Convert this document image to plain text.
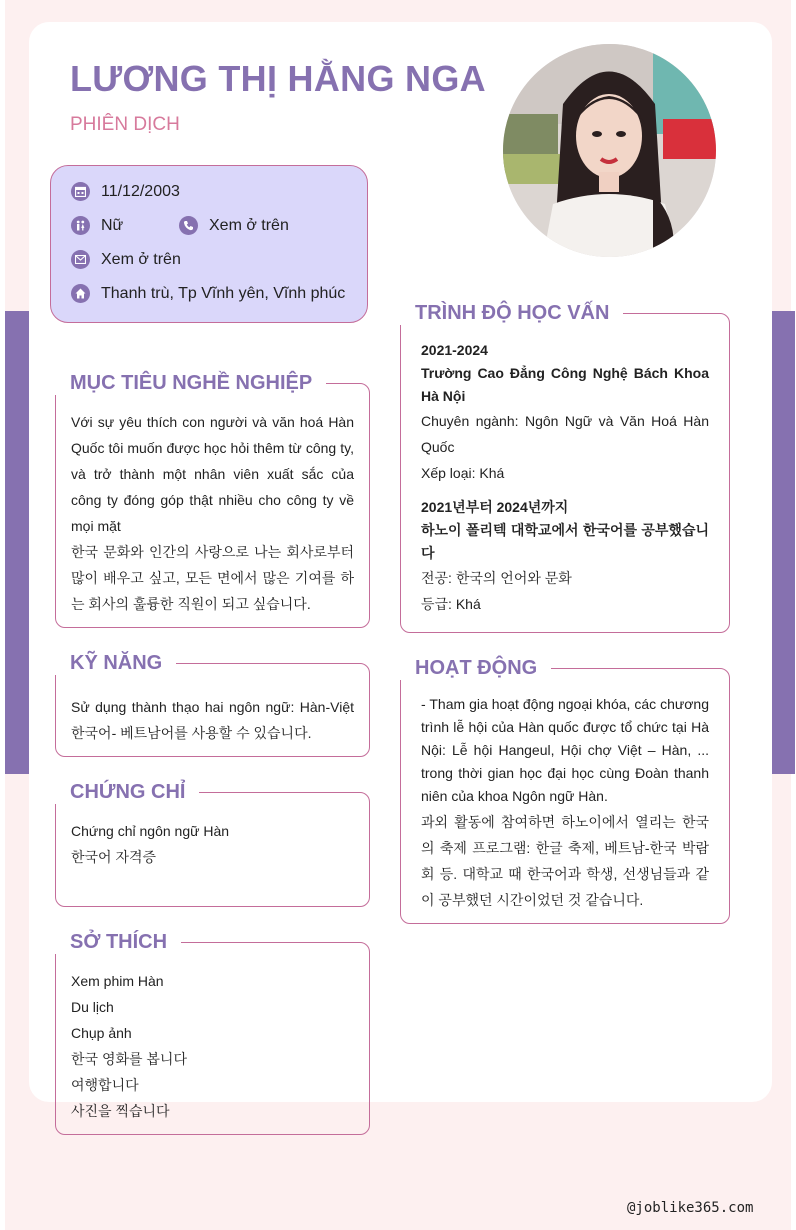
LƯƠNG THỊ HẰNG NGA
PHIÊN DỊCH
11/12/2003
Nữ	Xem ở trên
Xem ở trên
Thanh trù, Tp Vĩnh yên, Vĩnh phúc
MỤC TIÊU NGHỀ NGHIỆP

Với sự yêu thích con người và văn hoá Hàn Quốc tôi muốn được học hỏi thêm từ công ty, và trở thành một nhân viên xuất sắc của công ty đóng góp thật nhiều cho công ty về mọi mặt

한국 문화와 인간의 사랑으로 나는 회사로부터 많이 배우고 싶고, 모든 면에서 많은 기여를 하는 회사의 훌륭한 직원이 되고 싶습니다.

KỸ NĂNG

Sử dụng thành thạo hai ngôn ngữ: Hàn-Việt한국어- 베트남어를 사용할 수 있습니다.

CHỨNG CHỈ

Chứng chỉ ngôn ngữ Hàn

한국어 자격증

SỞ THÍCH

Xem phim Hàn

Du lịch

Chụp ảnh

한국 영화를 봅니다

여행합니다

사진을 찍습니다

TRÌNH ĐỘ HỌC VẤN

2021-2024

Trường Cao Đẳng Công Nghệ Bách Khoa Hà Nội

Chuyên ngành: Ngôn Ngữ và Văn Hoá Hàn Quốc

Xếp loại: Khá

2021년부터 2024년까지

하노이 폴리텍 대학교에서 한국어를 공부했습니다

전공: 한국의 언어와 문화

등급: Khá

HOẠT ĐỘNG

- Tham gia hoạt động ngoại khóa, các chương trình lễ hội của Hàn quốc được tổ chức tại Hà Nội: Lễ hội Hangeul, Hội chợ Việt – Hàn, ... trong thời gian học đại học cùng Đoàn thanh niên của khoa Ngôn ngữ Hàn.

과외 활동에 참여하면 하노이에서 열리는 한국의 축제 프로그램: 한글 축제, 베트남-한국 박람회 등. 대학교 때 한국어과 학생, 선생님들과 같이 공부했던 시간이었던 것 같습니다.

@joblike365.com
